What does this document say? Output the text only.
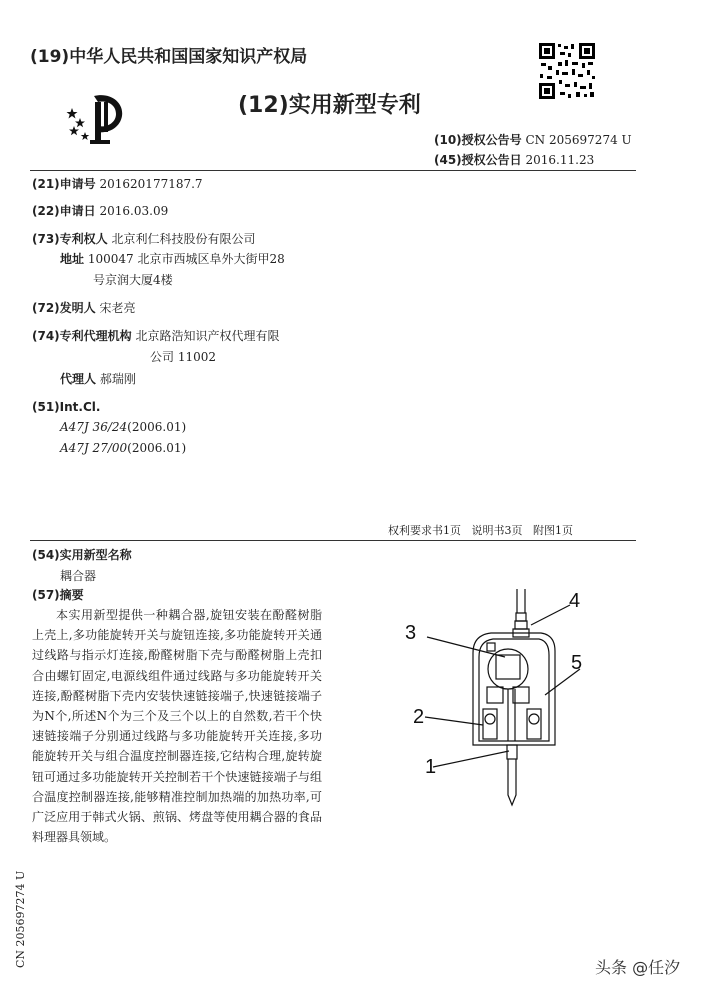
(19)中华人民共和国国家知识产权局
(12)实用新型专利
(10)授权公告号 CN 205697274 U
(45)授权公告日 2016.11.23
(21)申请号 201620177187.7
(22)申请日 2016.03.09
(73)专利权人 北京利仁科技股份有限公司
地址 100047 北京市西城区阜外大街甲28
号京润大厦4楼
(72)发明人 宋老亮
(74)专利代理机构 北京路浩知识产权代理有限
公司 11002
代理人 郝瑞刚
(51)Int.Cl.
A47J 36/24(2006.01)
A47J 27/00(2006.01)
权利要求书1页   说明书3页   附图1页
(54)实用新型名称
耦合器
(57)摘要

本实用新型提供一种耦合器,旋钮安装在酚醛树脂上壳上,多功能旋转开关与旋钮连接,多功能旋转开关通过线路与指示灯连接,酚醛树脂下壳与酚醛树脂上壳扣合由螺钉固定,电源线组件通过线路与多功能旋转开关连接,酚醛树脂下壳内安装快速链接端子,快速链接端子为N个,所述N个为三个及三个以上的自然数,若干个快速链接端子分别通过线路与多功能旋转开关连接,多功能旋转开关与组合温度控制器连接,它结构合理,旋转旋钮可通过多功能旋转开关控制若干个快速链接端子与组合温度控制器连接,能够精准控制加热端的加热功率,可广泛应用于韩式火锅、煎锅、烤盘等使用耦合器的食品料理器具领域。

4
3
5
2
1
CN 205697274 U	头条 @任汐
